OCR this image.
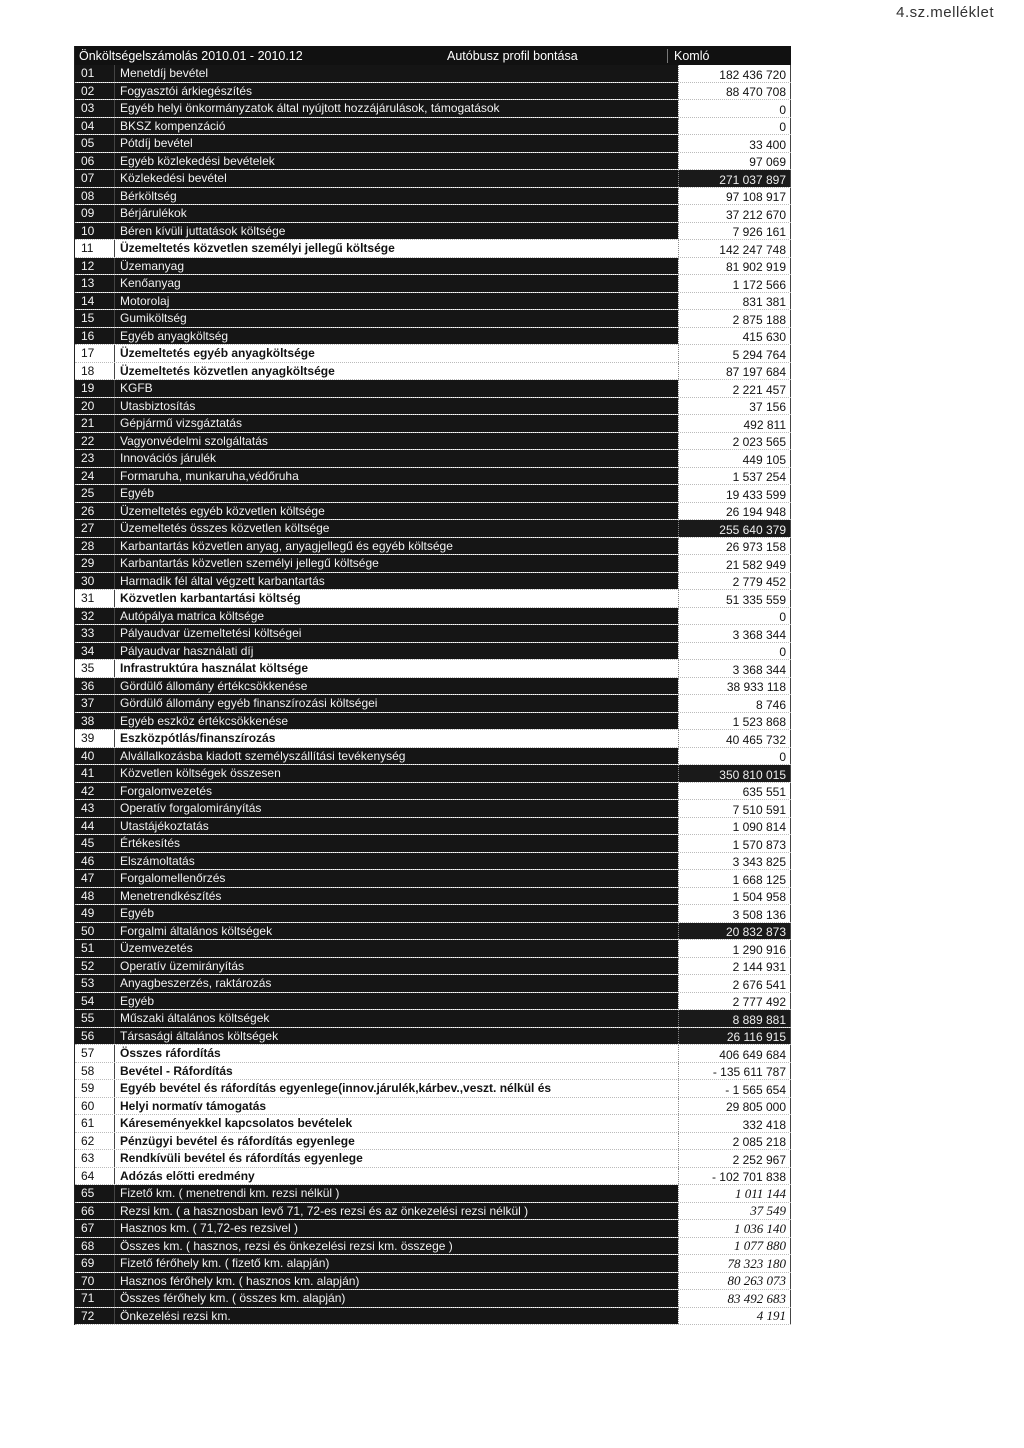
4.sz.melléklet
Önköltségelszámolás 2010.01 - 2010.12	Autóbusz profil bontása	Komló
01	Menetdíj bevétel	182 436 720
02	Fogyasztói árkiegészítés	88 470 708
03	Egyéb helyi önkormányzatok által nyújtott hozzájárulások, támogatások	0
04	BKSZ kompenzáció	0
05	Pótdíj bevétel	33 400
06	Egyéb közlekedési bevételek	97 069
07	Közlekedési bevétel	271 037 897
08	Bérköltség	97 108 917
09	Bérjárulékok	37 212 670
10	Béren kívüli juttatások költsége	7 926 161
11	Üzemeltetés közvetlen személyi jellegű költsége	142 247 748
12	Üzemanyag	81 902 919
13	Kenőanyag	1 172 566
14	Motorolaj	831 381
15	Gumiköltség	2 875 188
16	Egyéb anyagköltség	415 630
17	Üzemeltetés egyéb anyagköltsége	5 294 764
18	Üzemeltetés közvetlen anyagköltsége	87 197 684
19	KGFB	2 221 457
20	Utasbiztosítás	37 156
21	Gépjármű vizsgáztatás	492 811
22	Vagyonvédelmi szolgáltatás	2 023 565
23	Innovációs járulék	449 105
24	Formaruha, munkaruha,védőruha	1 537 254
25	Egyéb	19 433 599
26	Üzemeltetés egyéb közvetlen költsége	26 194 948
27	Üzemeltetés összes közvetlen költsége	255 640 379
28	Karbantartás közvetlen anyag, anyagjellegű és egyéb költsége	26 973 158
29	Karbantartás közvetlen személyi jellegű költsége	21 582 949
30	Harmadik fél által végzett karbantartás	2 779 452
31	Közvetlen karbantartási költség	51 335 559
32	Autópálya matrica költsége	0
33	Pályaudvar üzemeltetési költségei	3 368 344
34	Pályaudvar használati díj	0
35	Infrastruktúra használat költsége	3 368 344
36	Gördülő állomány értékcsökkenése	38 933 118
37	Gördülő állomány egyéb finanszírozási költségei	8 746
38	Egyéb eszköz értékcsökkenése	1 523 868
39	Eszközpótlás/finanszírozás	40 465 732
40	Alvállalkozásba kiadott személyszállítási tevékenység	0
41	Közvetlen költségek összesen	350 810 015
42	Forgalomvezetés	635 551
43	Operatív forgalomirányítás	7 510 591
44	Utastájékoztatás	1 090 814
45	Értékesítés	1 570 873
46	Elszámoltatás	3 343 825
47	Forgalomellenőrzés	1 668 125
48	Menetrendkészítés	1 504 958
49	Egyéb	3 508 136
50	Forgalmi általános költségek	20 832 873
51	Üzemvezetés	1 290 916
52	Operatív üzemirányítás	2 144 931
53	Anyagbeszerzés, raktározás	2 676 541
54	Egyéb	2 777 492
55	Műszaki általános költségek	8 889 881
56	Társasági általános költségek	26 116 915
57	Összes ráfordítás	406 649 684
58	Bevétel - Ráfordítás	- 135 611 787
59	Egyéb bevétel és ráfordítás egyenlege(innov.járulék,kárbev.,veszt. nélkül és	- 1 565 654
60	Helyi normatív támogatás	29 805 000
61	Káreseményekkel kapcsolatos bevételek	332 418
62	Pénzügyi bevétel és ráfordítás egyenlege	2 085 218
63	Rendkívüli bevétel és ráfordítás egyenlege	2 252 967
64	Adózás előtti eredmény	- 102 701 838
65	Fizető km. ( menetrendi km. rezsi nélkül )	1 011 144
66	Rezsi km. ( a hasznosban levő 71, 72-es rezsi és az önkezelési rezsi nélkül )	37 549
67	Hasznos km. ( 71,72-es rezsivel )	1 036 140
68	Összes km. ( hasznos, rezsi és önkezelési rezsi km. összege )	1 077 880
69	Fizető férőhely km. ( fizető km. alapján)	78 323 180
70	Hasznos férőhely km. ( hasznos km. alapján)	80 263 073
71	Összes férőhely km. ( összes km. alapján)	83 492 683
72	Önkezelési rezsi km.	4 191
